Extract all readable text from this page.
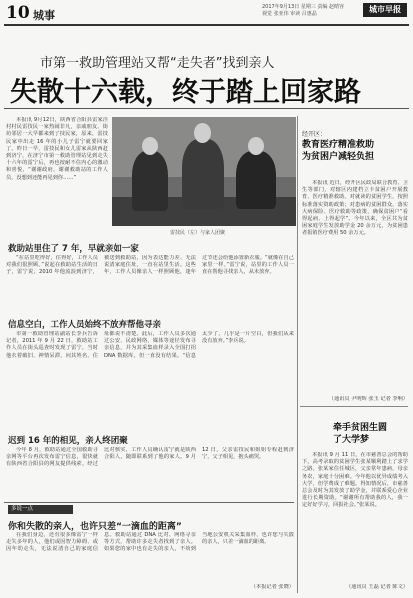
10 城事
2017年9月13日 星期三 责编 赵晴容
视觉 张亚伟 审读 吕惠晶	城市早报
市第一救助管理站又帮“走失者”找到亲人
失散十六载，终于踏上回家路

本报讯 9月12日，陕西省合阳县雷家洼村村民雷技民一家热闹非凡，亲戚朋友、街坊邻居一大早都来到了技民家，原来，雷技民家中出走 16 年的小儿子雷宁就要回家了。昨日一早，雷技民和女儿雷家从陕西赶到济宁，在济宁市第一救助管理站见到走失十六年的雷宁后，再也按耐不住内心的激动和喜悦，“谢谢政府，谢谢救助站的工作人员，没想到还能再见到你……”

雷技民（左）与家人团聚
救助站里住了 7 年，早就亲如一家

“在站里吃得好，住得好，工作人员对我们很照顾。”说起在救助站生活的日子，雷宁说，2010 年他流浪到济宁，被送到救助站，因为表达能力差、无法说清家庭住址，一直在站里生活。这些年，工作人员像亲人一样照顾他，逢年过节还会给他添置新衣服。“就像在自己家里一样。”雷宁说，站里的工作人员一直在帮他寻找亲人，从未放弃。

信息空白，工作人员始终不放弃帮他寻亲

市第一救助管理站副站长李兵告诉记者，2011 年 9 月 22 日，救助站工作人员在街头巡查时发现了雷宁，当时他衣着破旧、神情呆滞，问其姓名、住址都说不清楚。此后，工作人员多次通过公安、民政网络、媒体等途径发布寻亲信息，并为其采集血样录入全国打拐 DNA 数据库，但一直没有结果。“信息太少了，几乎是一片空白，但我们从来没有放弃。”李兵说。

迟到 16 年的相见，亲人终团聚

今年 8 月，救助站通过全国救助寻亲网等平台再次发布雷宁信息，很快就有陕西省合阳县的网友提供线索。经过比对核实，工作人员确认雷宁就是陕西合阳人，随即联系到了他的家人。9 月 12 日，父亲雷技民和姐姐专程赶到济宁，父子相见，抱头痛哭。

多说一点
你和失散的亲人，也许只差“一滴血的距离”

在我们身边，还有很多像雷宁一样走失多年的人，他们或因智力障碍、或因年幼走失，无法说清自己的家庭信息。救助站通过 DNA 比对、网络寻亲等方式，帮助许多走失者找到了亲人。如果您的家中也有走失的亲人，不妨到当地公安机关采集血样，也许您与失散的亲人，只差一滴血的距离。

（本报记者 张晓）
经开区：
教育医疗精准救助为贫困户减轻负担

本报讯 近日，经开区民政局联合教育、卫生等部门，对辖区内建档立卡贫困户开展教育、医疗精准救助。对就读的贫困学生，按照标准落实资助政策；对患病的贫困群众，落实大病保险、医疗救助等政策，确保贫困户“看得起病、上得起学”。今年以来，全区共为贫困家庭学生发放助学金 20 余万元，为贫困患者报销医疗费用 50 余万元。

（通讯员 尹明辉 张玉 记者 李响）
牵手贫困生圆了大学梦

本报讯 9 月 11 日，在市慈善总会的帮助下，高考录取的贫困学生张某顺利踏上了求学之路。张某家住任城区，父亲常年患病，母亲务农，家庭十分困难。今年他以优异成绩考入大学，但学费成了难题。得知情况后，市慈善总会及时为其发放了助学金，并联系爱心企业进行长期资助。“谢谢所有帮助我的人，我一定好好学习，回报社会。”张某说。

（通讯员 王磊 记者 陈文）
